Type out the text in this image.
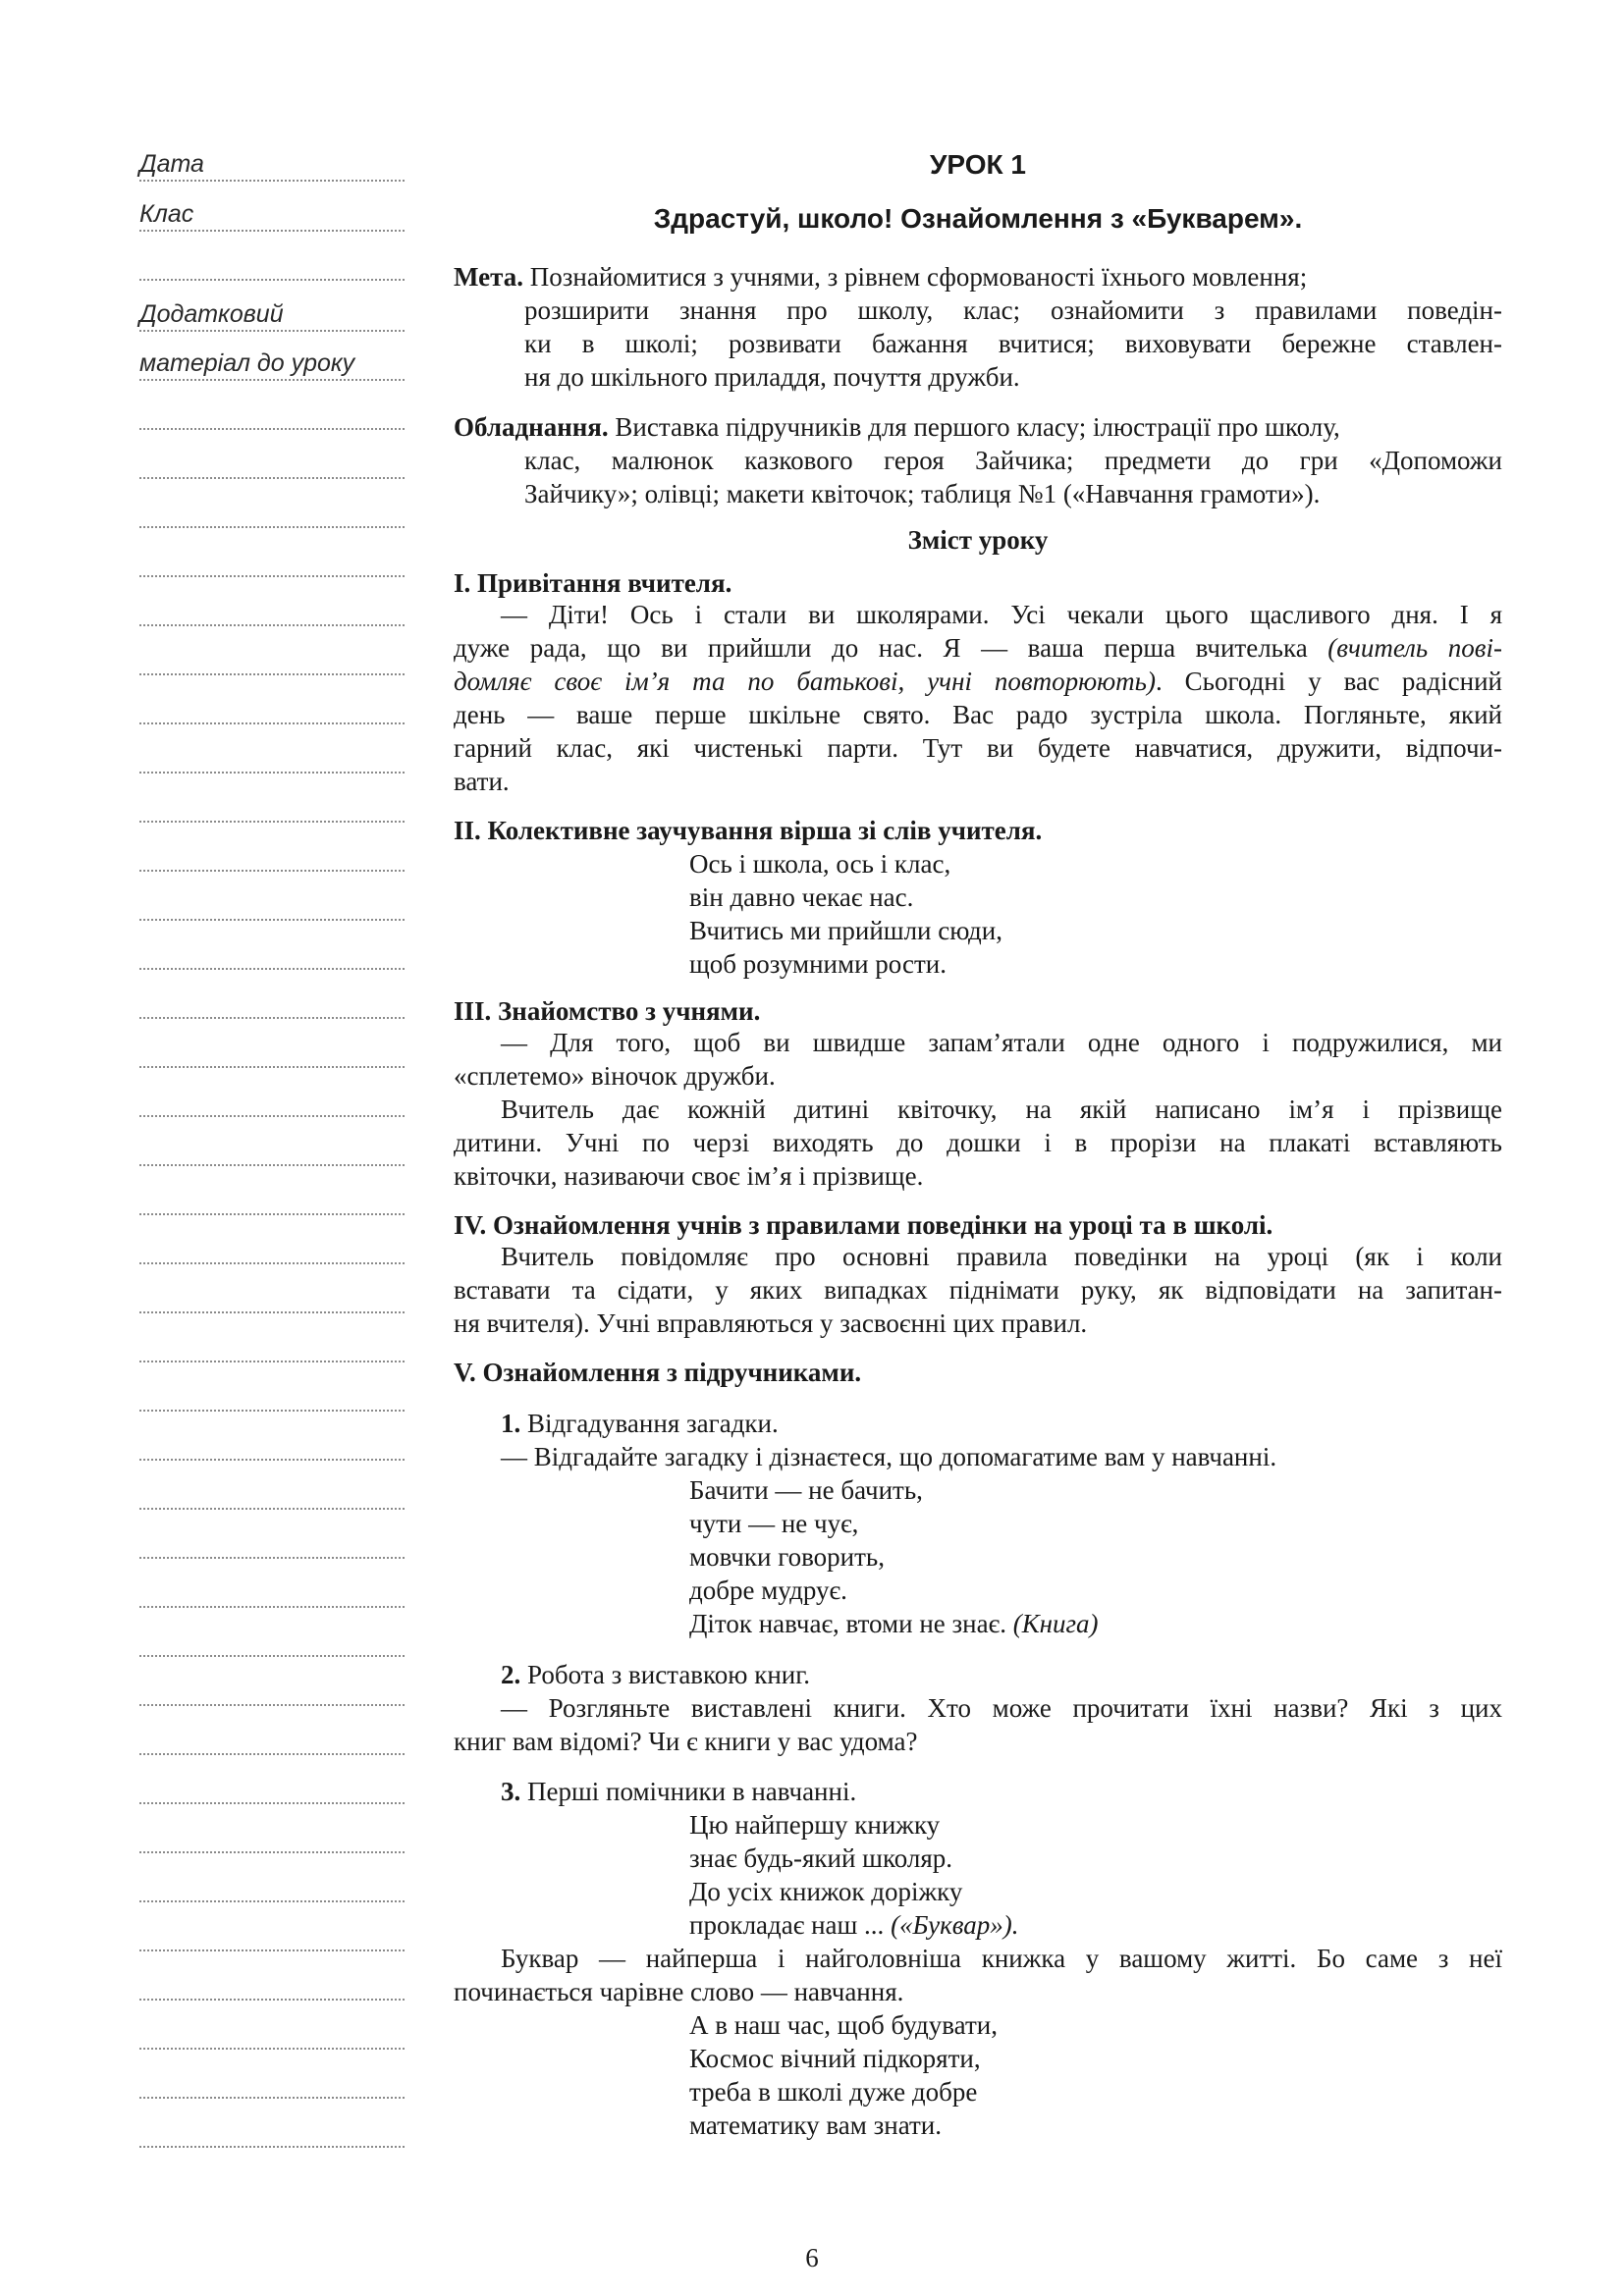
Дата
Клас
Додатковий
матеріал до уроку
УРОК 1
Здрастуй, школо! Ознайомлення з «Букварем».
Мета. Познайомитися з учнями, з рівнем сформованості їхнього мовлення;
розширити знання про школу, клас; ознайомити з правилами поведін-
ки в школі; розвивати бажання вчитися; виховувати бережне ставлен-
ня до шкільного приладдя, почуття дружби.
Обладнання. Виставка підручників для першого класу; ілюстрації про школу,
клас, малюнок казкового героя Зайчика; предмети до гри «Допоможи
Зайчику»; олівці; макети квіточок; таблиця №1 («Навчання грамоти»).
Зміст уроку
І. Привітання вчителя.
— Діти! Ось і стали ви школярами. Усі чекали цього щасливого дня. І я
дуже рада, що ви прийшли до нас. Я — ваша перша вчителька (вчитель пові-
домляє своє ім’я та по батькові, учні повторюють). Сьогодні у вас радісний
день — ваше перше шкільне свято. Вас радо зустріла школа. Погляньте, який
гарний клас, які чистенькі парти. Тут ви будете навчатися, дружити, відпочи-
вати.
ІІ. Колективне заучування вірша зі слів учителя.
Ось і школа, ось і клас,
він давно чекає нас.
Вчитись ми прийшли сюди,
щоб розумними рости.
ІІІ. Знайомство з учнями.
— Для того, щоб ви швидше запам’ятали одне одного і подружилися, ми
«сплетемо» віночок дружби.
Вчитель дає кожній дитині квіточку, на якій написано ім’я і прізвище
дитини. Учні по черзі виходять до дошки і в прорізи на плакаті вставляють
квіточки, називаючи своє ім’я і прізвище.
ІV. Ознайомлення учнів з правилами поведінки на уроці та в школі.
Вчитель повідомляє про основні правила поведінки на уроці (як і коли
вставати та сідати, у яких випадках піднімати руку, як відповідати на запитан-
ня вчителя). Учні вправляються у засвоєнні цих правил.
V. Ознайомлення з підручниками.
1. Відгадування загадки.
— Відгадайте загадку і дізнаєтеся, що допомагатиме вам у навчанні.
Бачити — не бачить,
чути — не чує,
мовчки говорить,
добре мудрує.
Діток навчає, втоми не знає. (Книга)
2. Робота з виставкою книг.
— Розгляньте виставлені книги. Хто може прочитати їхні назви? Які з цих
книг вам відомі? Чи є книги у вас удома?
3. Перші помічники в навчанні.
Цю найпершу книжку
знає будь-який школяр.
До усіх книжок доріжку
прокладає наш ... («Буквар»).
Буквар — найперша і найголовніша книжка у вашому житті. Бо саме з неї
починається чарівне слово — навчання.
А в наш час, щоб будувати,
Космос вічний підкоряти,
треба в школі дуже добре
математику вам знати.
6
